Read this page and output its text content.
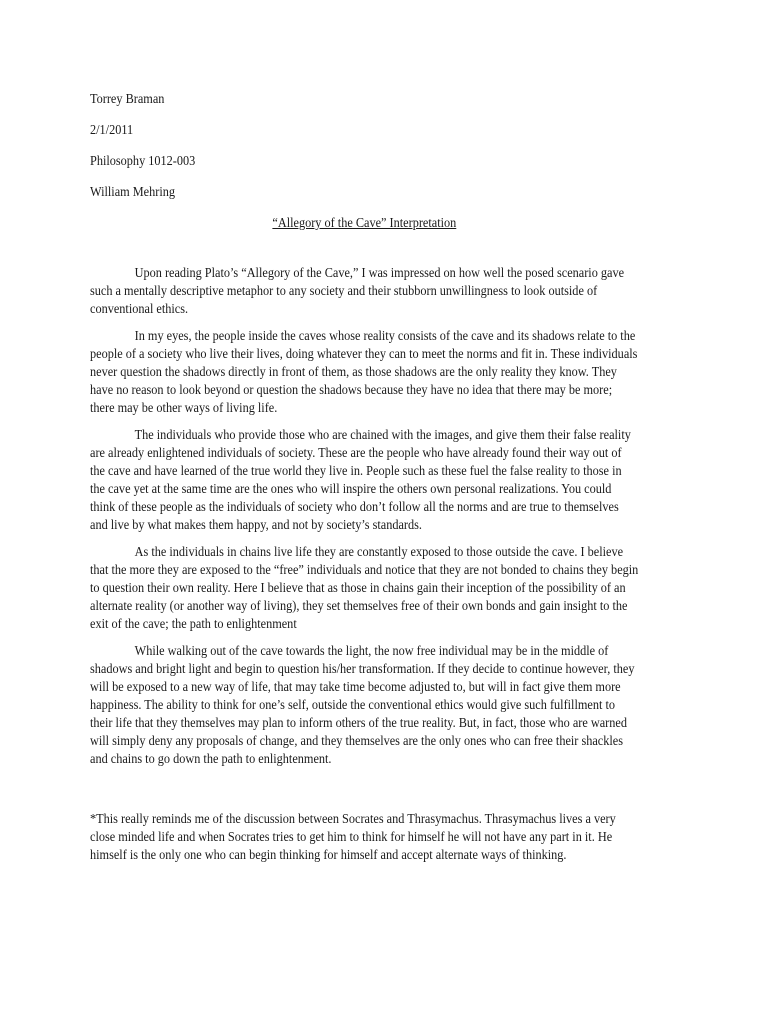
Torrey Braman
2/1/2011
Philosophy 1012-003
William Mehring
“Allegory of the Cave” Interpretation

Upon reading Plato’s “Allegory of the Cave,” I was impressed on how well the posed scenario gave such a mentally descriptive metaphor to any society and their stubborn unwillingness to look outside of conventional ethics.

In my eyes, the people inside the caves whose reality consists of the cave and its shadows relate to the people of a society who live their lives, doing whatever they can to meet the norms and fit in. These individuals never question the shadows directly in front of them, as those shadows are the only reality they know. They have no reason to look beyond or question the shadows because they have no idea that there may be more; there may be other ways of living life.

The individuals who provide those who are chained with the images, and give them their false reality are already enlightened individuals of society. These are the people who have already found their way out of the cave and have learned of the true world they live in. People such as these fuel the false reality to those in the cave yet at the same time are the ones who will inspire the others own personal realizations. You could think of these people as the individuals of society who don’t follow all the norms and are true to themselves and live by what makes them happy, and not by society’s standards.

As the individuals in chains live life they are constantly exposed to those outside the cave. I believe that the more they are exposed to the “free” individuals and notice that they are not bonded to chains they begin to question their own reality. Here I believe that as those in chains gain their inception of the possibility of an alternate reality (or another way of living), they set themselves free of their own bonds and gain insight to the exit of the cave; the path to enlightenment

While walking out of the cave towards the light, the now free individual may be in the middle of shadows and bright light and begin to question his/her transformation. If they decide to continue however, they will be exposed to a new way of life, that may take time become adjusted to, but will in fact give them more happiness. The ability to think for one’s self, outside the conventional ethics would give such fulfillment to their life that they themselves may plan to inform others of the true reality. But, in fact, those who are warned will simply deny any proposals of change, and they themselves are the only ones who can free their shackles and chains to go down the path to enlightenment.

*This really reminds me of the discussion between Socrates and Thrasymachus. Thrasymachus lives a very close minded life and when Socrates tries to get him to think for himself he will not have any part in it. He himself is the only one who can begin thinking for himself and accept alternate ways of thinking.
